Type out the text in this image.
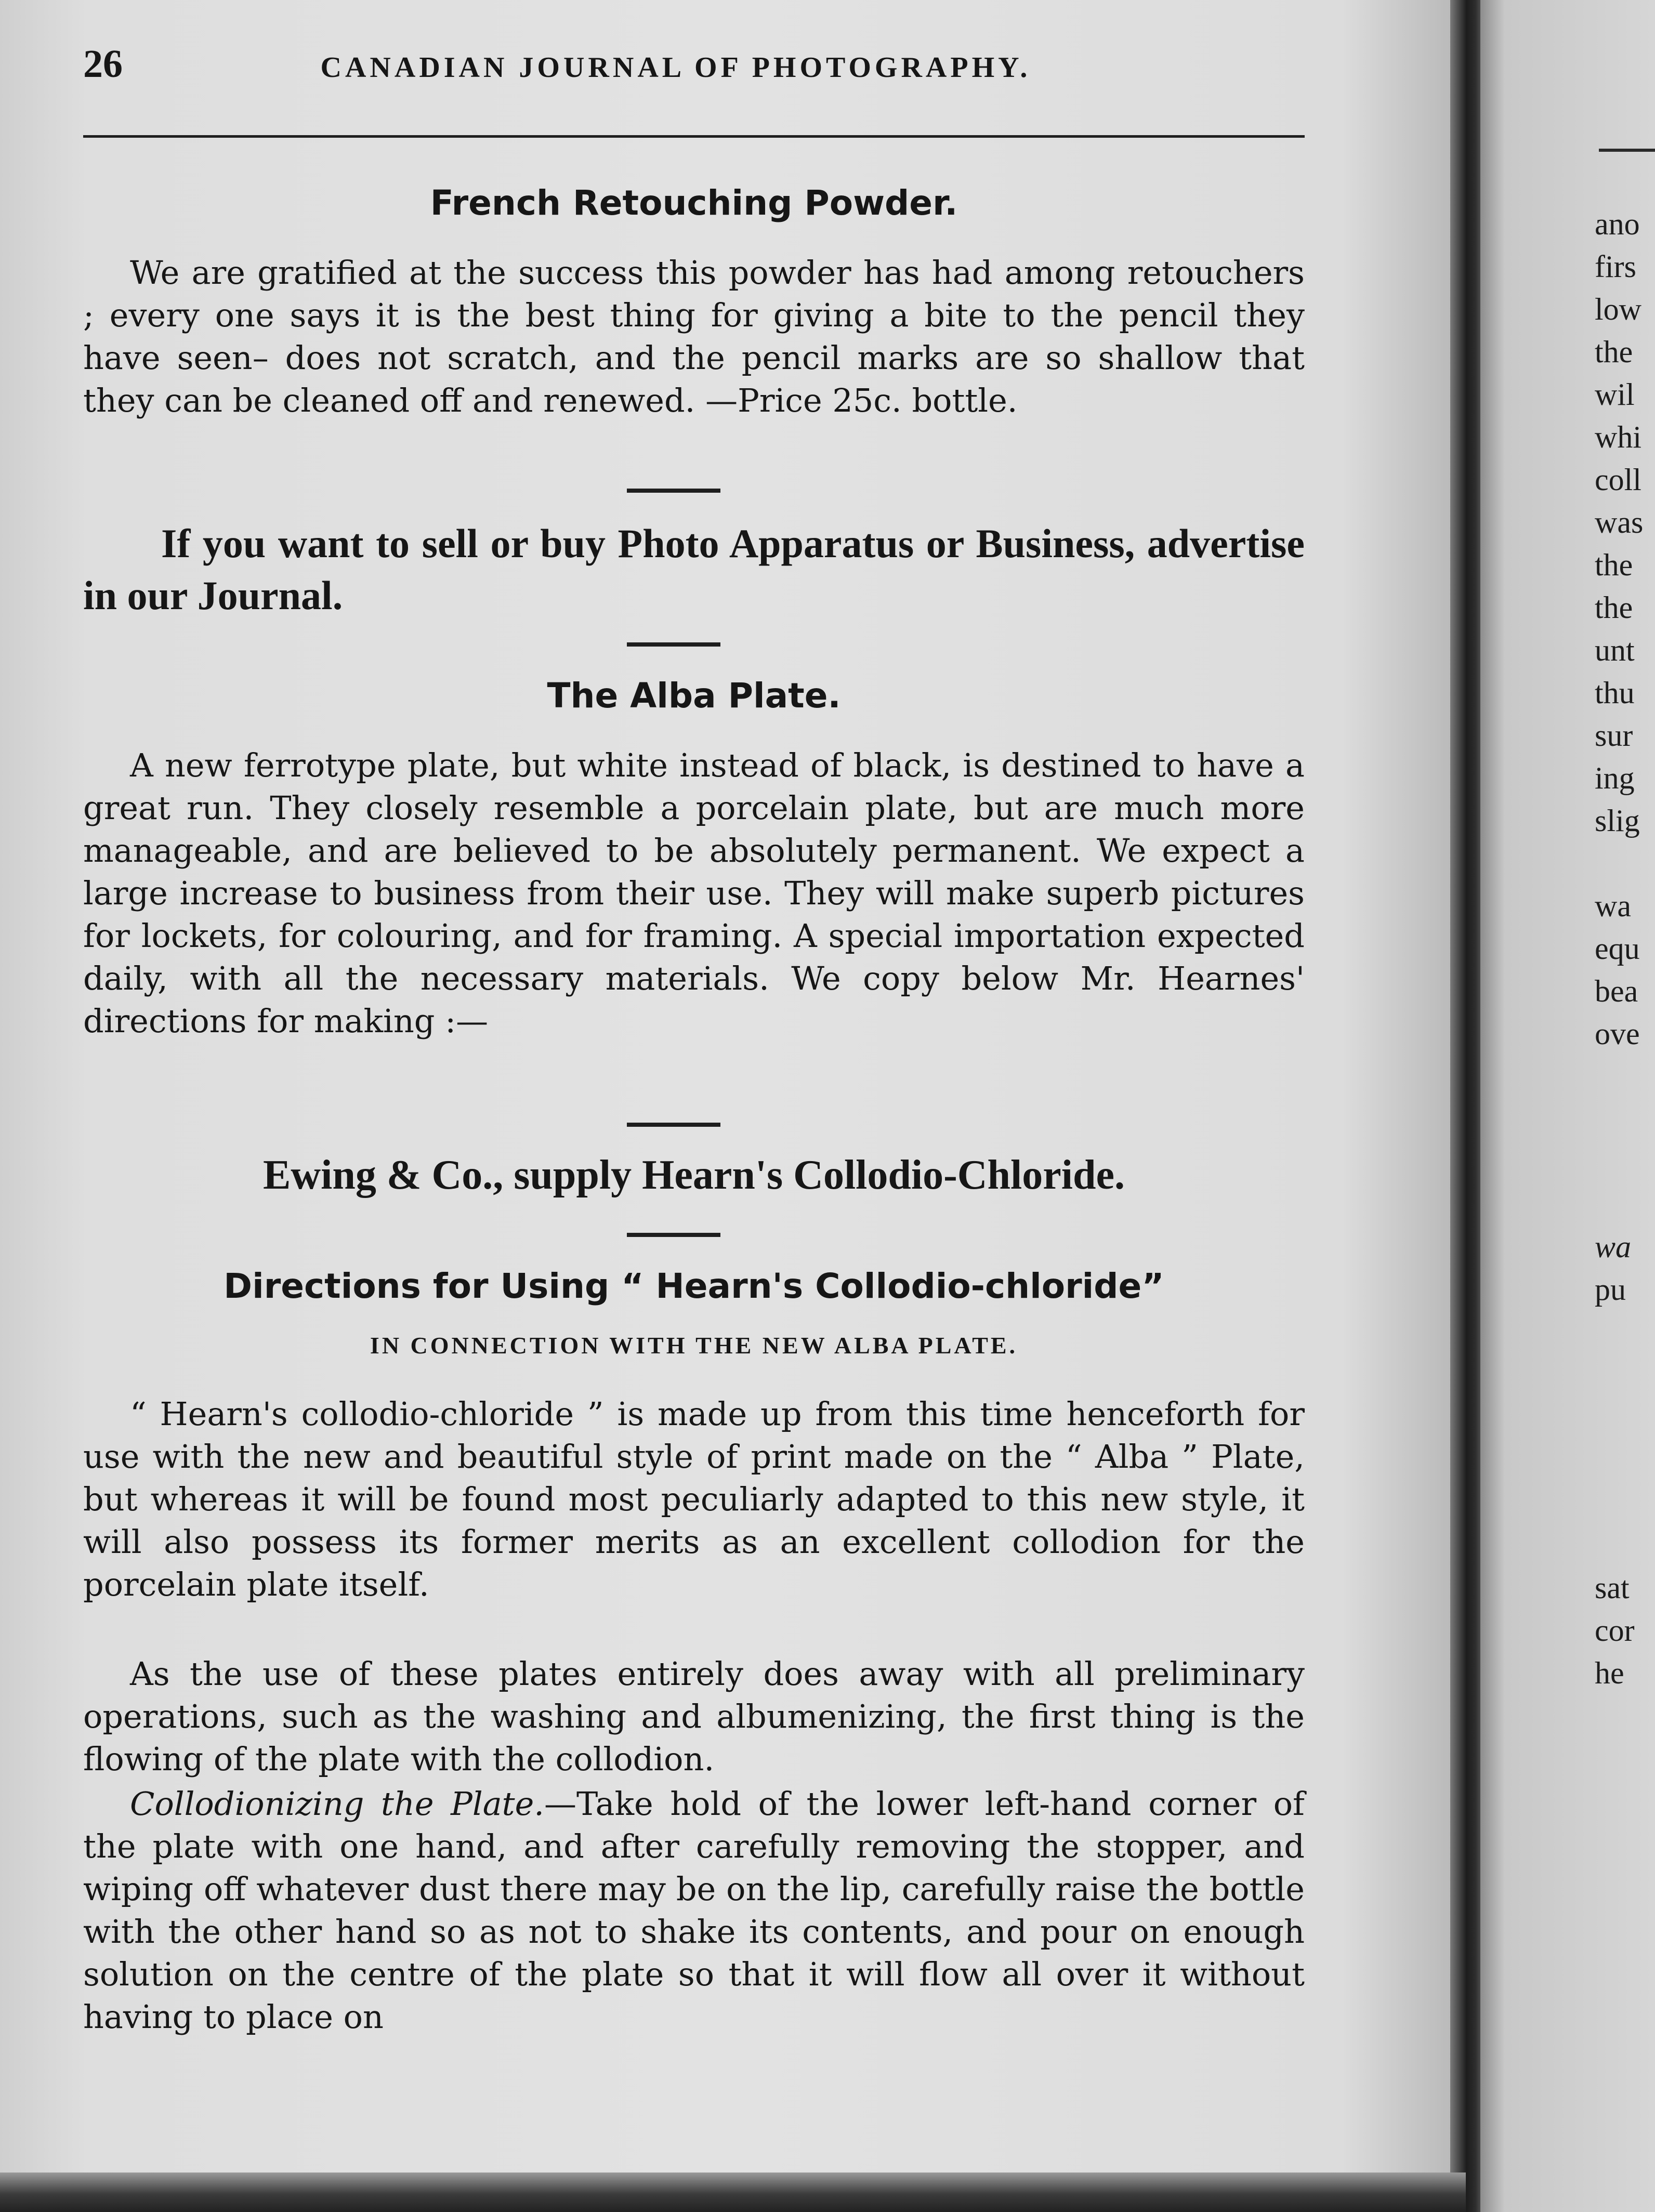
26	CANADIAN JOURNAL OF PHOTOGRAPHY.
French Retouching Powder.

We are gratified at the success this powder has had among retouchers ; every one says it is the best thing for giving a bite to the pencil they have seen– does not scratch, and the pencil marks are so shallow that they can be cleaned off and renewed. —Price 25c. bottle.

If you want to sell or buy Photo Apparatus or Business, advertise in our Journal.

The Alba Plate.

A new ferrotype plate, but white instead of black, is destined to have a great run. They closely resemble a porcelain plate, but are much more manageable, and are believed to be absolutely permanent. We expect a large increase to business from their use. They will make superb pictures for lockets, for colouring, and for framing. A special importation expected daily, with all the necessary materials. We copy below Mr. Hearnes' directions for making :—

Ewing & Co., supply Hearn's Collodio-Chloride.
Directions for Using “ Hearn's Collodio-chloride”
IN CONNECTION WITH THE NEW ALBA PLATE.

“ Hearn's collodio-chloride ” is made up from this time henceforth for use with the new and beautiful style of print made on the “ Alba ” Plate, but whereas it will be found most peculiarly adapted to this new style, it will also possess its former merits as an excellent collodion for the porcelain plate itself.

As the use of these plates entirely does away with all preliminary operations, such as the washing and albumenizing, the first thing is the flowing of the plate with the collodion.

Collodionizing the Plate.—Take hold of the lower left-hand corner of the plate with one hand, and after carefully removing the stopper, and wiping off whatever dust there may be on the lip, carefully raise the bottle with the other hand so as not to shake its contents, and pour on enough solution on the centre of the plate so that it will flow all over it without having to place on

ano
firs
low
the
wil
whi
coll
was
the
the
unt
thu
sur
ing
slig
wa
equ
bea
ove
wa
pu
sat
cor
he
